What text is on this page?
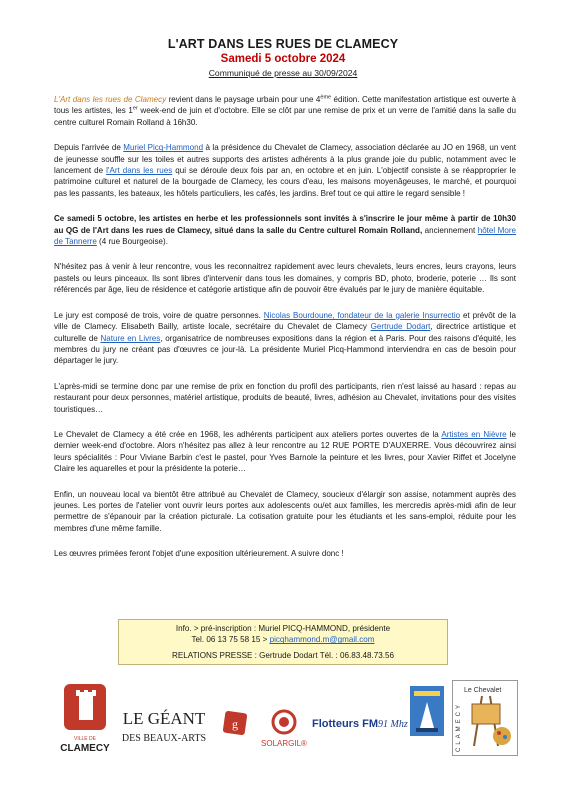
L'ART DANS LES RUES DE CLAMECY
Samedi 5 octobre 2024
Communiqué de presse au 30/09/2024

L'Art dans les rues de Clamecy revient dans le paysage urbain pour une 4ème édition. Cette manifestation artistique est ouverte à tous les artistes, les 1er week-end de juin et d'octobre. Elle se clôt par une remise de prix et un verre de l'amitié dans la salle du centre culturel Romain Rolland à 16h30.

Depuis l'arrivée de Muriel Picq-Hammond à la présidence du Chevalet de Clamecy, association déclarée au JO en 1968, un vent de jeunesse souffle sur les toiles et autres supports des artistes adhérents à la plus grande joie du public, notamment avec le lancement de l'Art dans les rues qui se déroule deux fois par an, en octobre et en juin. L'objectif consiste à se réapproprier le patrimoine culturel et naturel de la bourgade de Clamecy, les cours d'eau, les maisons moyenâgeuses, le marché, et pourquoi pas les passants, les bateaux, les hôtels particuliers, les cafés, les jardins. Bref tout ce qui attire le regard sensible !

Ce samedi 5 octobre, les artistes en herbe et les professionnels sont invités à s'inscrire le jour même à partir de 10h30 au QG de l'Art dans les rues de Clamecy, situé dans la salle du Centre culturel Romain Rolland, anciennement hôtel More de Tannerre (4 rue Bourgeoise).

N'hésitez pas à venir à leur rencontre, vous les reconnaitrez rapidement avec leurs chevalets, leurs encres, leurs crayons, leurs pastels ou leurs pinceaux. Ils sont libres d'intervenir dans tous les domaines, y compris BD, photo, broderie, poterie … Ils sont référencés par âge, lieu de résidence et catégorie artistique afin de pouvoir être évalués par le jury de manière équitable.

Le jury est composé de trois, voire de quatre personnes. Nicolas Bourdoune, fondateur de la galerie Insurrectio et prévôt de la ville de Clamecy. Elisabeth Bailly, artiste locale, secrétaire du Chevalet de Clamecy Gertrude Dodart, directrice artistique et culturelle de Nature en Livres, organisatrice de nombreuses expositions dans la région et à Paris. Pour des raisons d'équité, les membres du jury ne créant pas d'œuvres ce jour-là. La présidente Muriel Picq-Hammond interviendra en cas de besoin pour départager le jury.

L'après-midi se termine donc par une remise de prix en fonction du profil des participants, rien n'est laissé au hasard : repas au restaurant pour deux personnes, matériel artistique, produits de beauté, livres, adhésion au Chevalet, invitations pour des visites touristiques…

Le Chevalet de Clamecy a été crée en 1968, les adhérents participent aux ateliers portes ouvertes de la Artistes en Nièvre le dernier week-end d'octobre. Alors n'hésitez pas allez à leur rencontre au 12 RUE PORTE D'AUXERRE. Vous découvrirez ainsi leurs spécialités : Pour Viviane Barbin c'est le pastel, pour Yves Barnole la peinture et les livres, pour Xavier Riffet et Jocelyne Claire les aquarelles et pour la présidente la poterie…

Enfin, un nouveau local va bientôt être attribué au Chevalet de Clamecy, soucieux d'élargir son assise, notamment auprès des jeunes. Les portes de l'atelier vont ouvrir leurs portes aux adolescents ou/et aux familles, les mercredis après-midi afin de leur permettre de s'épanouir par la création picturale. La cotisation gratuite pour les étudiants et les sans-emploi, réduite pour les membres d'une même famille.

Les œuvres primées feront l'objet d'une exposition ultérieurement. A suivre donc !

Info. > pré-inscription : Muriel PICQ-HAMMOND, présidente
Tel. 06 13 75 58 15 > picqhammond.m@gmail.com
RELATIONS PRESSE : Gertrude Dodart Tél. : 06.83.48.73.56
VILLE DE
CLAMECY
LE GÉANT
DES BEAUX-ARTS
g
SOLARGIL®
Flotteurs FM 91 Mhz
Le Chevalet
CLAMECY
